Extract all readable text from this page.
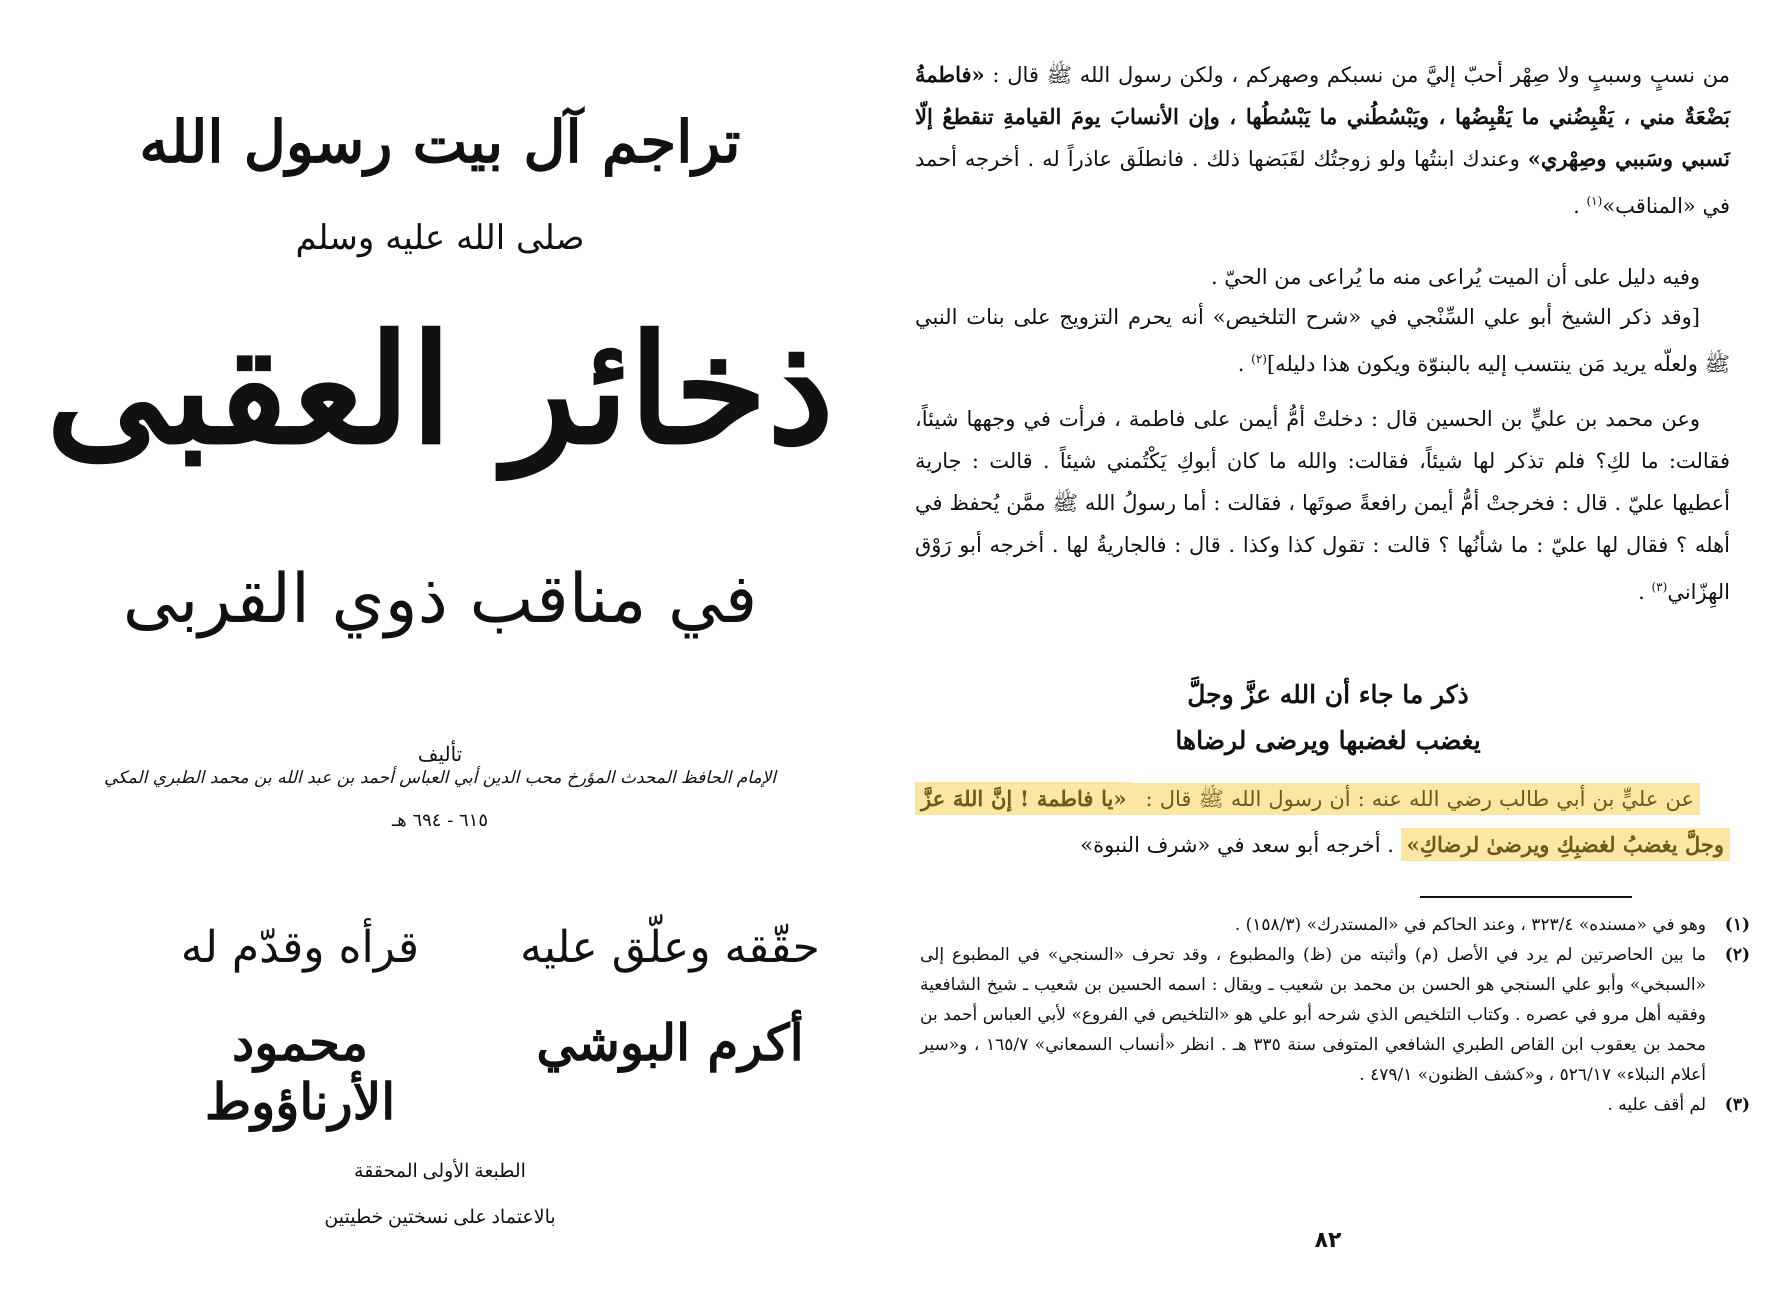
تراجم آل بيت رسول الله
صلى الله عليه وسلم
ذخائر العقبى
في مناقب ذوي القربى
تأليف
الإمام الحافظ المحدث المؤرخ محب الدين أبي العباس أحمد بن عبد الله بن محمد الطبري المكي
٦١٥ - ٦٩٤ هـ
حقّقه وعلّق عليه
أكرم البوشي
قرأه وقدّم له
محمود الأرناؤوط
الطبعة الأولى المحققة
بالاعتماد على نسختين خطيتين

من نسبٍ وسببٍ ولا صِهْر أحبّ إليَّ من نسبكم وصهركم ، ولكن رسول الله ﷺ قال : «فاطمةُ بَضْعَةٌ مني ، يَقْبِضُني ما يَقْبِضُها ، ويَبْسُطُني ما يَبْسُطُها ، وإن الأنسابَ يومَ القيامةِ تنقطعُ إلّا نَسبي وسَببي وصِهْري» وعندك ابنتُها ولو زوجتُك لقَبَضها ذلك . فانطلَق عاذراً له . أخرجه أحمد في «المناقب»$^{(١)}$ .

وفيه دليل على أن الميت يُراعى منه ما يُراعى من الحيّ .

[وقد ذكر الشيخ أبو علي السِّنْجي في «شرح التلخيص» أنه يحرم التزويج على بنات النبي ﷺ ولعلّه يريد مَن ينتسب إليه بالبنوّة ويكون هذا دليله]$^{(٢)}$ .

وعن محمد بن عليٍّ بن الحسين قال : دخلتْ أمُّ أيمن على فاطمة ، فرأت في وجهها شيئاً، فقالت: ما لكِ؟ فلم تذكر لها شيئاً، فقالت: والله ما كان أبوكِ يَكْتُمني شيئاً . قالت : جارية أعطيها عليّ . قال : فخرجتْ أمُّ أيمن رافعةً صوتَها ، فقالت : أما رسولُ الله ﷺ ممَّن يُحفظ في أهله ؟ فقال لها عليّ : ما شأنُها ؟ قالت : تقول كذا وكذا . قال : فالجاريةُ لها . أخرجه أبو رَوْق الهِزّاني$^{(٣)}$ .

ذكر ما جاء أن الله عزَّ وجلَّ
يغضب لغضبها ويرضى لرضاها

عن عليٍّ بن أبي طالب رضي الله عنه : أن رسول الله ﷺ قال : «يا فاطمة ! إنَّ اللهَ عزَّ وجلَّ يغضبُ لغضبِكِ ويرضىٰ لرضاكِ» . أخرجه أبو سعد في «شرف النبوة»

(١)
وهو في «مسنده» ٣٢٣/٤ ، وعند الحاكم في «المستدرك» (١٥٨/٣) .
(٢)
ما بين الحاصرتين لم يرد في الأصل (م) وأثبته من (ظ) والمطبوع ، وقد تحرف «السنجي» في المطبوع إلى «السبخي» وأبو علي السنجي هو الحسن بن محمد بن شعيب ـ ويقال : اسمه الحسين بن شعيب ـ شيخ الشافعية وفقيه أهل مرو في عصره . وكتاب التلخيص الذي شرحه أبو علي هو «التلخيص في الفروع» لأبي العباس أحمد بن محمد بن يعقوب ابن القاص الطبري الشافعي المتوفى سنة ٣٣٥ هـ . انظر «أنساب السمعاني» ١٦٥/٧ ، و«سير أعلام النبلاء» ٥٢٦/١٧ ، و«كشف الظنون» ٤٧٩/١ .
(٣)
لم أقف عليه .
٨٢
